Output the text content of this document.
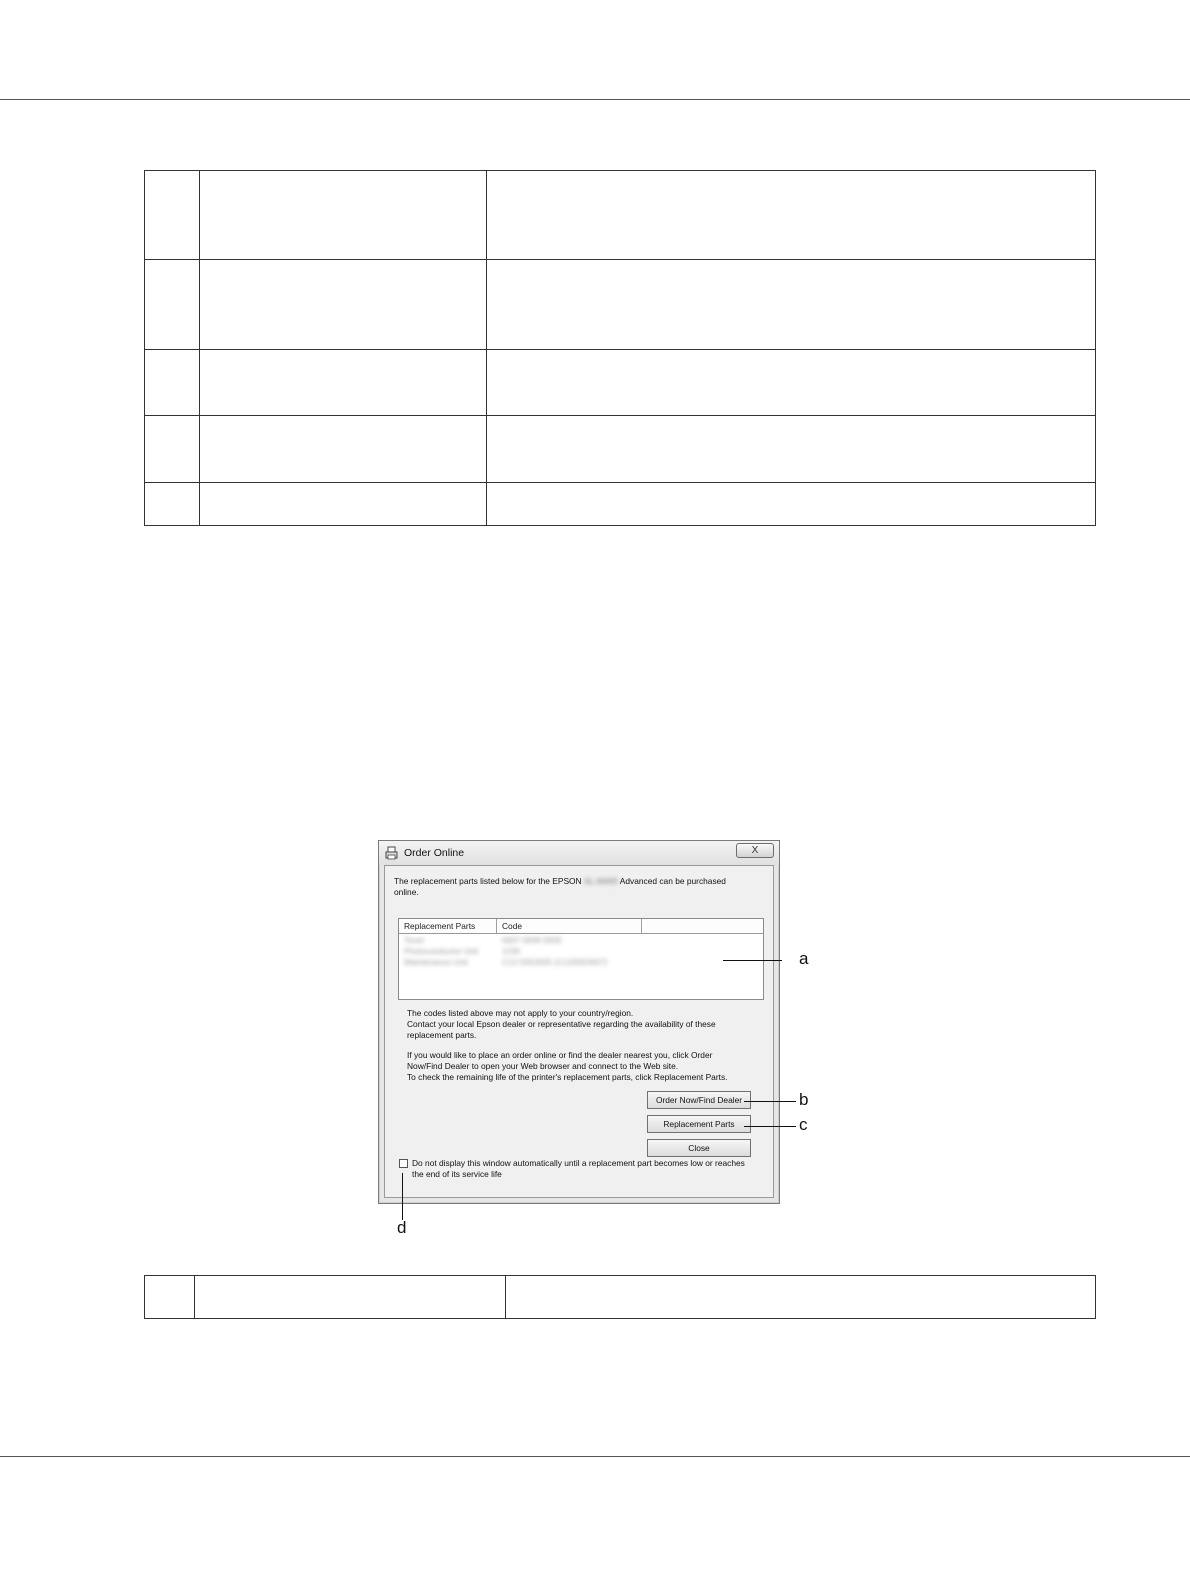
Order Online	X
The replacement parts listed below for the EPSON AL-M400 Advanced can be purchased
online.
Replacement Parts	Code
Toner	0607 0608 0609
Photoconductor Unit	1230
Maintenance Unit	C13 S053005 (C13S053007)
The codes listed above may not apply to your country/region.
Contact your local Epson dealer or representative regarding the availability of these
replacement parts.
If you would like to place an order online or find the dealer nearest you, click Order
Now/Find Dealer to open your Web browser and connect to the Web site.
To check the remaining life of the printer's replacement parts, click Replacement Parts.
Order Now/Find Dealer
Replacement Parts
Close
Do not display this window automatically until a replacement part becomes low or reaches
the end of its service life
a
b
c
d
